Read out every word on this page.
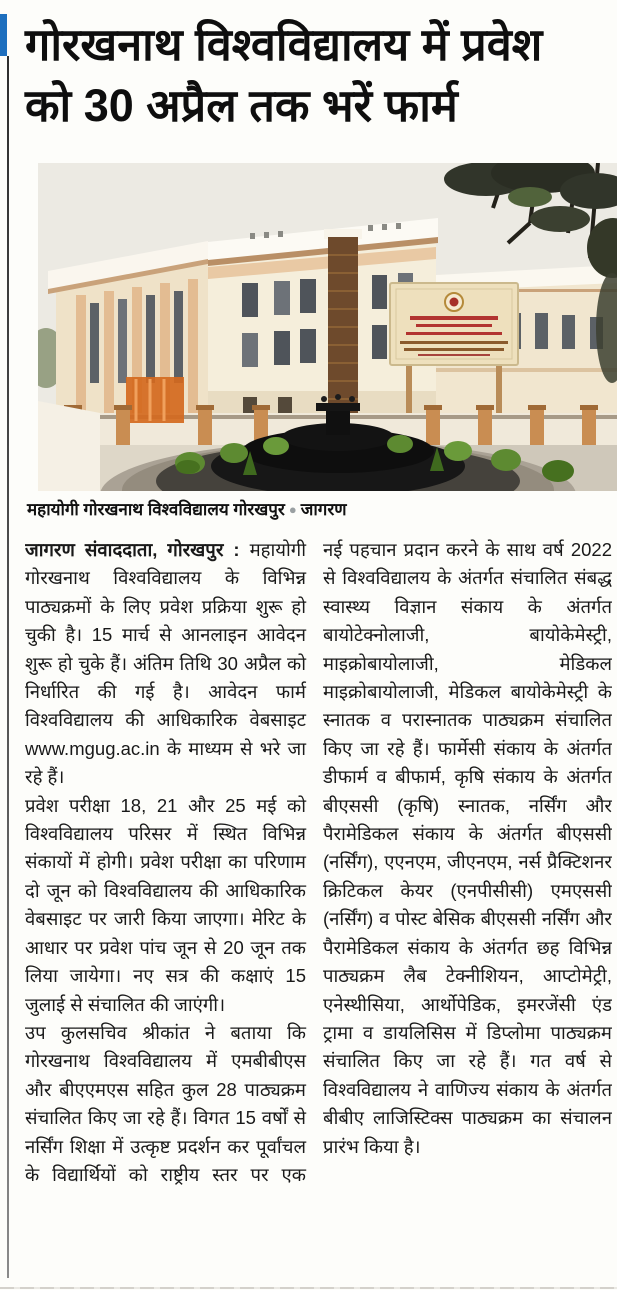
गोरखनाथ विश्वविद्यालय में प्रवेश
को 30 अप्रैल तक भरें फार्म
महायोगी गोरखनाथ विश्वविद्यालय गोरखपुर ● जागरण

जागरण संवाददाता, गोरखपुर : महायोगी गोरखनाथ विश्वविद्यालय के विभिन्न पाठ्यक्रमों के लिए प्रवेश प्रक्रिया शुरू हो चुकी है। 15 मार्च से आनलाइन आवेदन शुरू हो चुके हैं। अंतिम तिथि 30 अप्रैल को निर्धारित की गई है। आवेदन फार्म विश्वविद्यालय की आधिकारिक वेबसाइट www.mgug.ac.in के माध्यम से भरे जा रहे हैं।

प्रवेश परीक्षा 18, 21 और 25 मई को विश्वविद्यालय परिसर में स्थित विभिन्न संकायों में होगी। प्रवेश परीक्षा का परिणाम दो जून को विश्वविद्यालय की आधिकारिक वेबसाइट पर जारी किया जाएगा। मेरिट के आधार पर प्रवेश पांच जून से 20 जून तक लिया जायेगा। नए सत्र की कक्षाएं 15 जुलाई से संचालित की जाएंगी।

उप कुलसचिव श्रीकांत ने बताया कि गोरखनाथ विश्वविद्यालय में एमबीबीएस और बीएएमएस सहित कुल 28 पाठ्यक्रम संचालित किए जा रहे हैं। विगत 15 वर्षों से नर्सिंग शिक्षा में उत्कृष्ट प्रदर्शन कर पूर्वांचल के विद्यार्थियों को राष्ट्रीय स्तर पर एक

नई पहचान प्रदान करने के साथ वर्ष 2022 से विश्वविद्यालय के अंतर्गत संचालित संबद्ध स्वास्थ्य विज्ञान संकाय के अंतर्गत बायोटेक्नोलाजी, बायोकेमेस्ट्री, माइक्रोबायोलाजी, मेडिकल माइक्रोबायोलाजी, मेडिकल बायोकेमेस्ट्री के स्नातक व परास्नातक पाठ्यक्रम संचालित किए जा रहे हैं। फार्मेसी संकाय के अंतर्गत डीफार्म व बीफार्म, कृषि संकाय के अंतर्गत बीएससी (कृषि) स्नातक, नर्सिंग और पैरामेडिकल संकाय के अंतर्गत बीएससी (नर्सिंग), एएनएम, जीएनएम, नर्स प्रैक्टिशनर क्रिटिकल केयर (एनपीसीसी) एमएससी (नर्सिंग) व पोस्ट बेसिक बीएससी नर्सिंग और पैरामेडिकल संकाय के अंतर्गत छह विभिन्न पाठ्यक्रम लैब टेक्नीशियन, आप्टोमेट्री, एनेस्थीसिया, आर्थोपेडिक, इमरजेंसी एंड ट्रामा व डायलिसिस में डिप्लोमा पाठ्यक्रम संचालित किए जा रहे हैं। गत वर्ष से विश्वविद्यालय ने वाणिज्य संकाय के अंतर्गत बीबीए लाजिस्टिक्स पाठ्यक्रम का संचालन प्रारंभ किया है।
